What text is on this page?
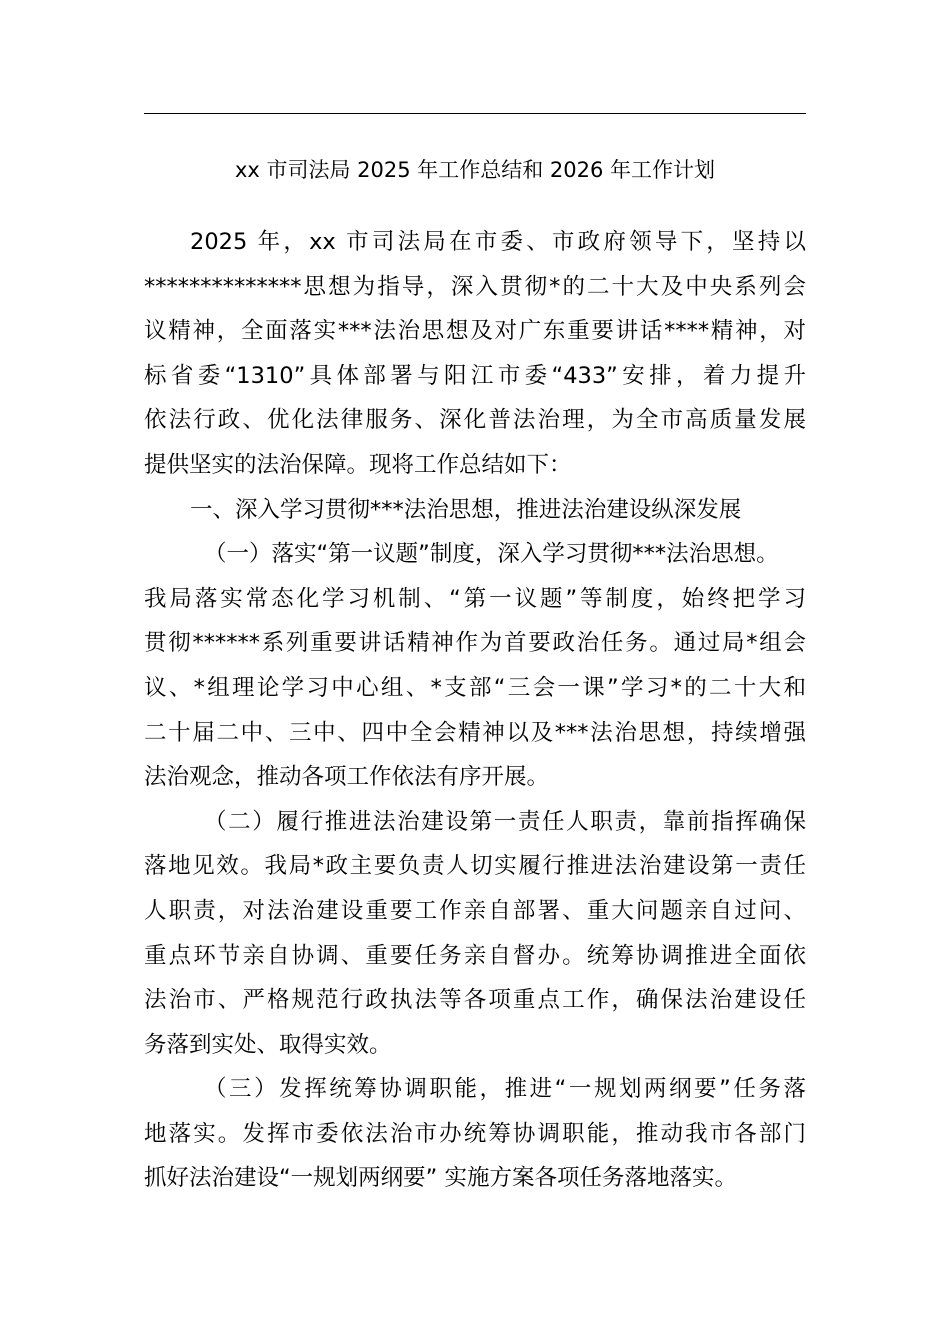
xx 市司法局 2025 年工作总结和 2026 年工作计划
2025 年，xx 市司法局在市委、市政府领导下，坚持以
**************思想为指导，深入贯彻*的二十大及中央系列会
议精神，全面落实***法治思想及对广东重要讲话****精神，对
标省委“1310”具体部署与阳江市委“433”安排，着力提升
依法行政、优化法律服务、深化普法治理，为全市高质量发展
提供坚实的法治保障。现将工作总结如下：
一、深入学习贯彻***法治思想，推进法治建设纵深发展
（一）落实“第一议题”制度，深入学习贯彻***法治思想。
我局落实常态化学习机制、“第一议题”等制度，始终把学习
贯彻******系列重要讲话精神作为首要政治任务。通过局*组会
议、*组理论学习中心组、*支部“三会一课”学习*的二十大和
二十届二中、三中、四中全会精神以及***法治思想，持续增强
法治观念，推动各项工作依法有序开展。
（二）履行推进法治建设第一责任人职责，靠前指挥确保
落地见效。我局*政主要负责人切实履行推进法治建设第一责任
人职责，对法治建设重要工作亲自部署、重大问题亲自过问、
重点环节亲自协调、重要任务亲自督办。统筹协调推进全面依
法治市、严格规范行政执法等各项重点工作，确保法治建设任
务落到实处、取得实效。
（三）发挥统筹协调职能，推进“一规划两纲要”任务落
地落实。发挥市委依法治市办统筹协调职能，推动我市各部门
抓好法治建设“一规划两纲要” 实施方案各项任务落地落实。
